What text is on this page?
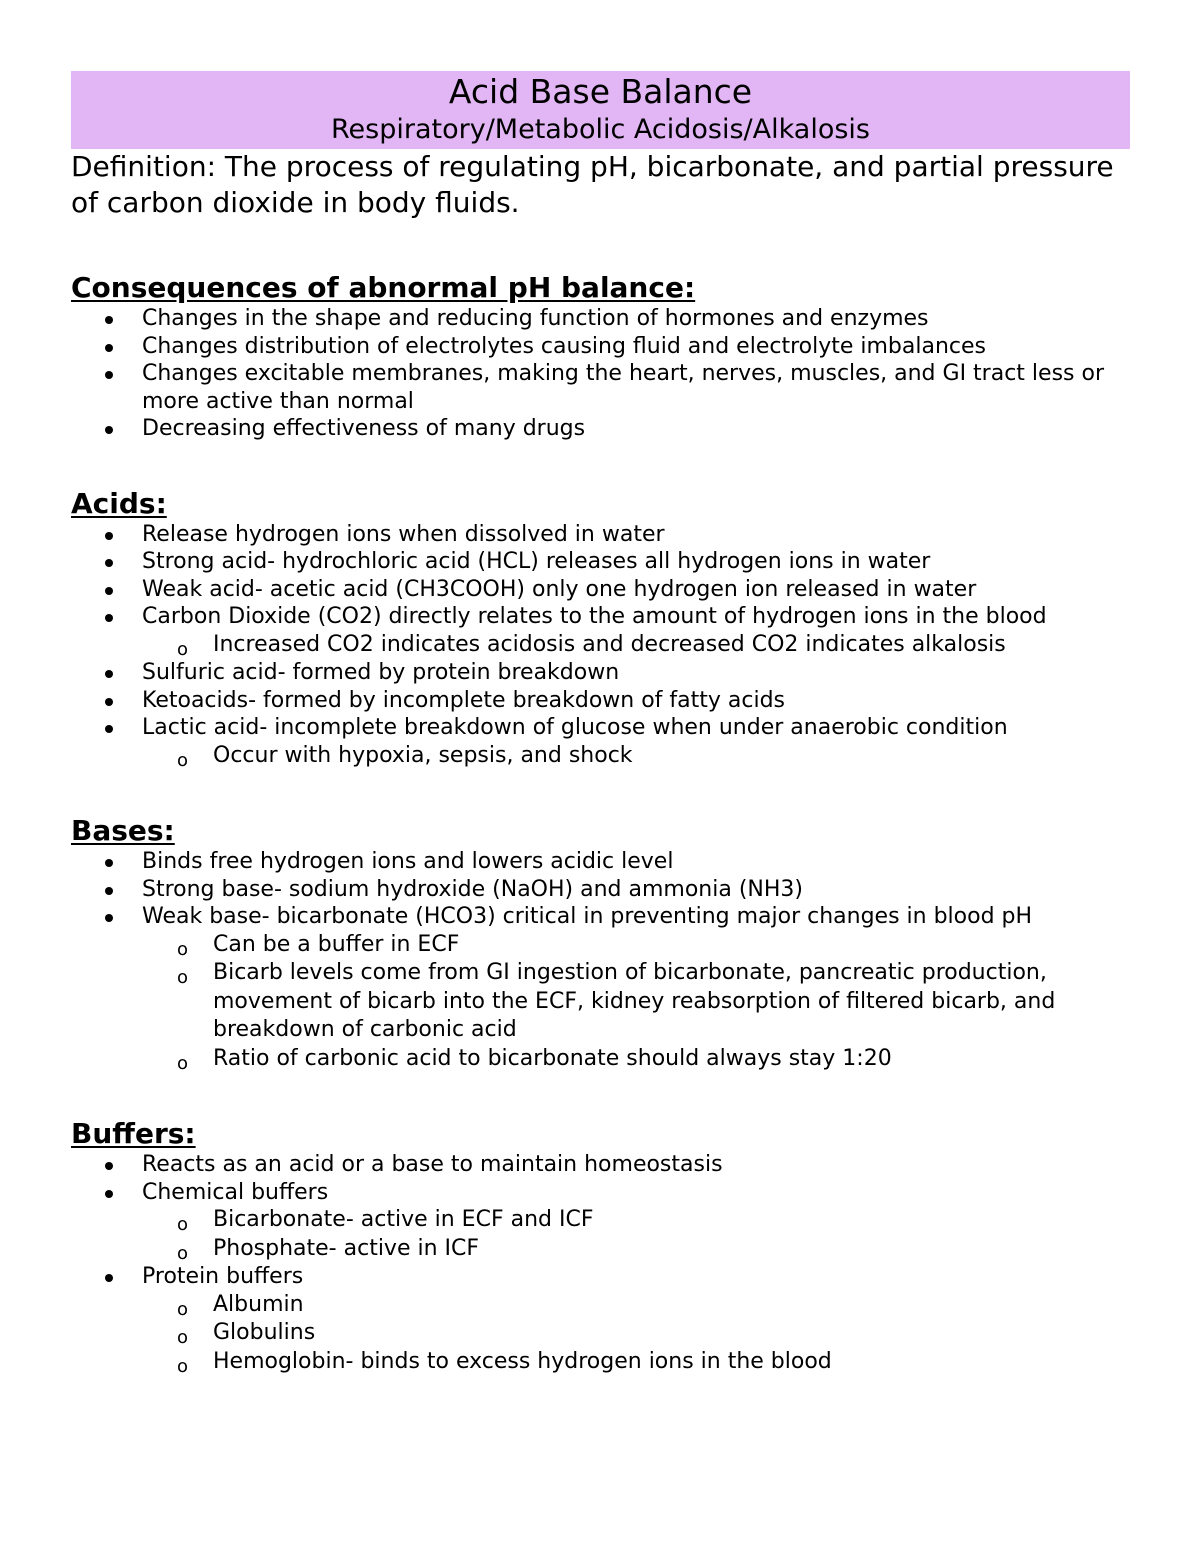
Acid Base Balance
Respiratory/Metabolic Acidosis/Alkalosis

Definition: The process of regulating pH, bicarbonate, and partial pressure of carbon dioxide in body fluids.

Consequences of abnormal pH balance:
Changes in the shape and reducing function of hormones and enzymes
Changes distribution of electrolytes causing fluid and electrolyte imbalances
Changes excitable membranes, making the heart, nerves, muscles, and GI tract less or more active than normal
Decreasing effectiveness of many drugs
Acids:
Release hydrogen ions when dissolved in water
Strong acid- hydrochloric acid (HCL) releases all hydrogen ions in water
Weak acid- acetic acid (CH3COOH) only one hydrogen ion released in water
Carbon Dioxide (CO2) directly relates to the amount of hydrogen ions in the blood
o Increased CO2 indicates acidosis and decreased CO2 indicates alkalosis
Sulfuric acid- formed by protein breakdown
Ketoacids- formed by incomplete breakdown of fatty acids
Lactic acid- incomplete breakdown of glucose when under anaerobic condition
o Occur with hypoxia, sepsis, and shock
Bases:
Binds free hydrogen ions and lowers acidic level
Strong base- sodium hydroxide (NaOH) and ammonia (NH3)
Weak base- bicarbonate (HCO3) critical in preventing major changes in blood pH
o Can be a buffer in ECF
o Bicarb levels come from GI ingestion of bicarbonate, pancreatic production, movement of bicarb into the ECF, kidney reabsorption of filtered bicarb, and breakdown of carbonic acid
o Ratio of carbonic acid to bicarbonate should always stay 1:20
Buffers:
Reacts as an acid or a base to maintain homeostasis
Chemical buffers
o Bicarbonate- active in ECF and ICF
o Phosphate- active in ICF
Protein buffers
o Albumin
o Globulins
o Hemoglobin- binds to excess hydrogen ions in the blood
